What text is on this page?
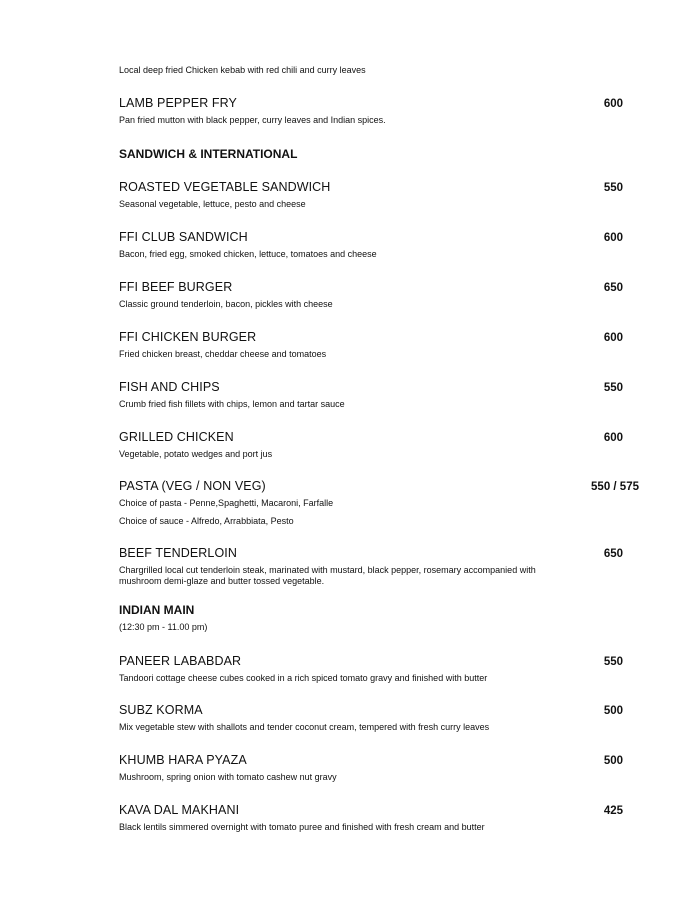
Local deep fried Chicken kebab with red chili and curry leaves
LAMB PEPPER FRY	600
Pan fried mutton with black pepper, curry leaves and Indian spices.
SANDWICH & INTERNATIONAL
ROASTED VEGETABLE SANDWICH	550
Seasonal vegetable, lettuce, pesto and cheese
FFI CLUB SANDWICH	600
Bacon, fried egg, smoked chicken, lettuce, tomatoes and cheese
FFI BEEF BURGER	650
Classic ground tenderloin, bacon, pickles with cheese
FFI CHICKEN BURGER	600
Fried chicken breast, cheddar cheese and tomatoes
FISH AND CHIPS	550
Crumb fried fish fillets with chips, lemon and tartar sauce
GRILLED CHICKEN	600
Vegetable, potato wedges and port jus
PASTA (VEG / NON VEG)	550 / 575
Choice of pasta - Penne,Spaghetti, Macaroni, Farfalle
Choice of sauce - Alfredo, Arrabbiata, Pesto
BEEF TENDERLOIN	650
Chargrilled local cut tenderloin steak, marinated with mustard, black pepper, rosemary accompanied with mushroom demi-glaze and butter tossed vegetable.
INDIAN MAIN
(12:30 pm - 11.00 pm)
PANEER LABABDAR	550
Tandoori cottage cheese cubes cooked in a rich spiced tomato gravy and finished with butter
SUBZ KORMA	500
Mix vegetable stew with shallots and tender coconut cream, tempered with fresh curry leaves
KHUMB HARA PYAZA	500
Mushroom, spring onion with tomato cashew nut gravy
KAVA DAL MAKHANI	425
Black lentils simmered overnight with tomato puree and finished with fresh cream and butter
